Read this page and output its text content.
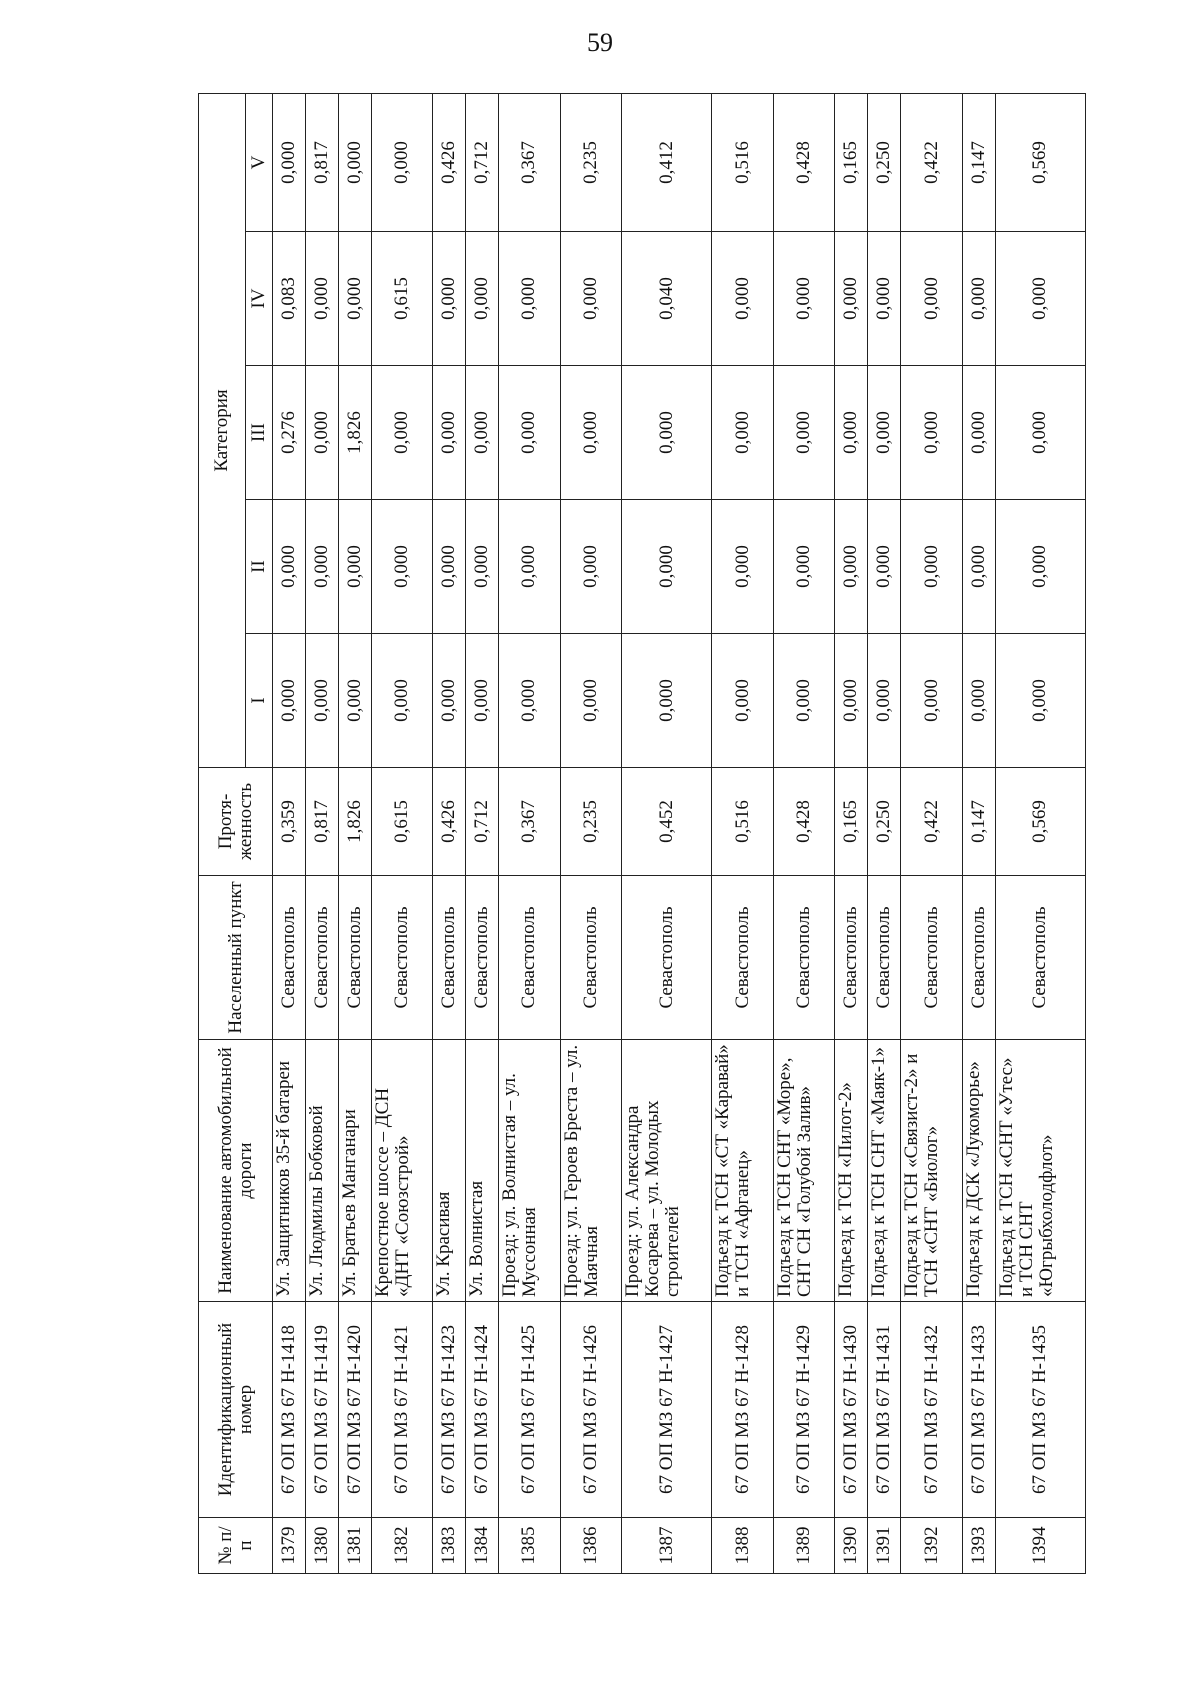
59
№ п/п	Идентификационный номер	Наименование автомобильной дороги	Населенный пункт	Протя-женность	Категория				
					I	II	III	IV	V
1379	67 ОП МЗ 67 Н-1418	Ул. Защитников 35-й батареи	Севастополь	0,359	0,000	0,000	0,276	0,083	0,000
1380	67 ОП МЗ 67 Н-1419	Ул. Людмилы Бобковой	Севастополь	0,817	0,000	0,000	0,000	0,000	0,817
1381	67 ОП МЗ 67 Н-1420	Ул. Братьев Манганари	Севастополь	1,826	0,000	0,000	1,826	0,000	0,000
1382	67 ОП МЗ 67 Н-1421	Крепостное шоссе – ДСН «ДНТ «Союзстрой»	Севастополь	0,615	0,000	0,000	0,000	0,615	0,000
1383	67 ОП МЗ 67 Н-1423	Ул. Красивая	Севастополь	0,426	0,000	0,000	0,000	0,000	0,426
1384	67 ОП МЗ 67 Н-1424	Ул. Волнистая	Севастополь	0,712	0,000	0,000	0,000	0,000	0,712
1385	67 ОП МЗ 67 Н-1425	Проезд: ул. Волнистая – ул. Муссонная	Севастополь	0,367	0,000	0,000	0,000	0,000	0,367
1386	67 ОП МЗ 67 Н-1426	Проезд: ул. Героев Бреста – ул. Маячная	Севастополь	0,235	0,000	0,000	0,000	0,000	0,235
1387	67 ОП МЗ 67 Н-1427	Проезд: ул. Александра Косарева – ул. Молодых строителей	Севастополь	0,452	0,000	0,000	0,000	0,040	0,412
1388	67 ОП МЗ 67 Н-1428	Подъезд к ТСН «СТ «Каравай» и ТСН «Афганец»	Севастополь	0,516	0,000	0,000	0,000	0,000	0,516
1389	67 ОП МЗ 67 Н-1429	Подъезд к ТСН СНТ «Море», СНТ СН «Голубой Залив»	Севастополь	0,428	0,000	0,000	0,000	0,000	0,428
1390	67 ОП МЗ 67 Н-1430	Подъезд к ТСН «Пилот-2»	Севастополь	0,165	0,000	0,000	0,000	0,000	0,165
1391	67 ОП МЗ 67 Н-1431	Подъезд к ТСН СНТ «Маяк-1»	Севастополь	0,250	0,000	0,000	0,000	0,000	0,250
1392	67 ОП МЗ 67 Н-1432	Подъезд к ТСН «Связист-2» и ТСН «СНТ «Биолог»	Севастополь	0,422	0,000	0,000	0,000	0,000	0,422
1393	67 ОП МЗ 67 Н-1433	Подъезд к ДСК «Лукоморье»	Севастополь	0,147	0,000	0,000	0,000	0,000	0,147
1394	67 ОП МЗ 67 Н-1435	Подъезд к ТСН «СНТ «Утес» и ТСН СНТ «Югрыбхолодфлот»	Севастополь	0,569	0,000	0,000	0,000	0,000	0,569
